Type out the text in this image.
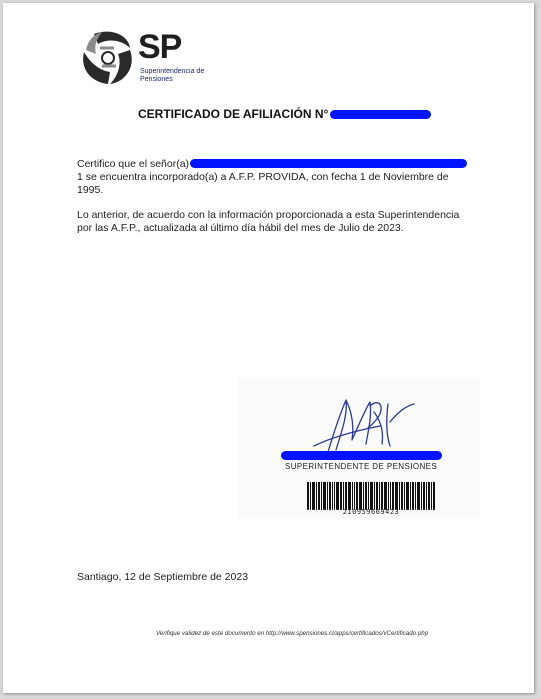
SP
Superintendencia de
Pensiones
CERTIFICADO DE AFILIACIÓN N°
Certifico que el señor(a)
1 se encuentra incorporado(a) a A.F.P. PROVIDA, con fecha 1 de Noviembre de
1995.
Lo anterior, de acuerdo con la información proporcionada a esta Superintendencia
por las A.F.P., actualizada al último día hábil del mes de Julio de 2023.
SUPERINTENDENTE DE PENSIONES
210959669423
Santiago, 12 de Septiembre de 2023
Verifique validez de este documento en http://www.spensiones.cl/apps/certificados/vCertificado.php
